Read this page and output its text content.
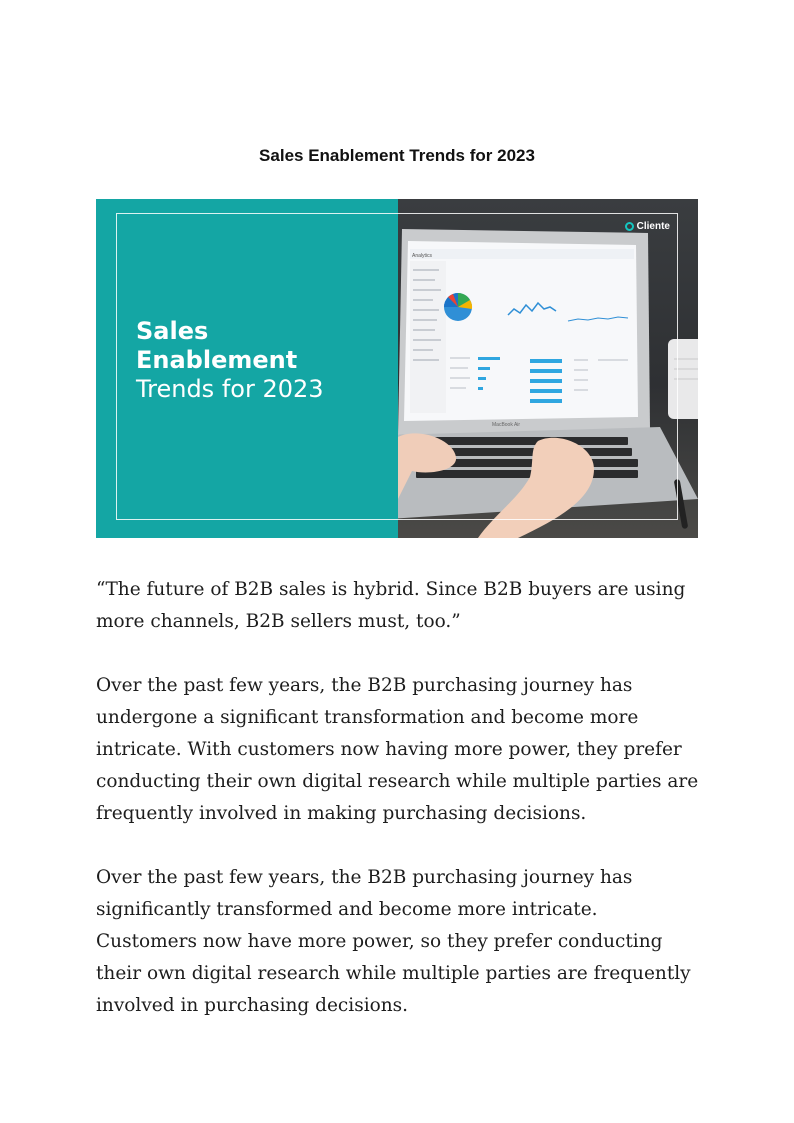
Sales Enablement Trends for 2023
Analytics
MacBook Air
Sales
Enablement
Trends for 2023
Cliente
“The future of B2B sales is hybrid. Since B2B buyers are using more channels, B2B sellers must, too.”
Over the past few years, the B2B purchasing journey has undergone a significant transformation and become more intricate. With customers now having more power, they prefer conducting their own digital research while multiple parties are frequently involved in making purchasing decisions.
Over the past few years, the B2B purchasing journey has significantly transformed and become more intricate. Customers now have more power, so they prefer conducting their own digital research while multiple parties are frequently involved in purchasing decisions.
